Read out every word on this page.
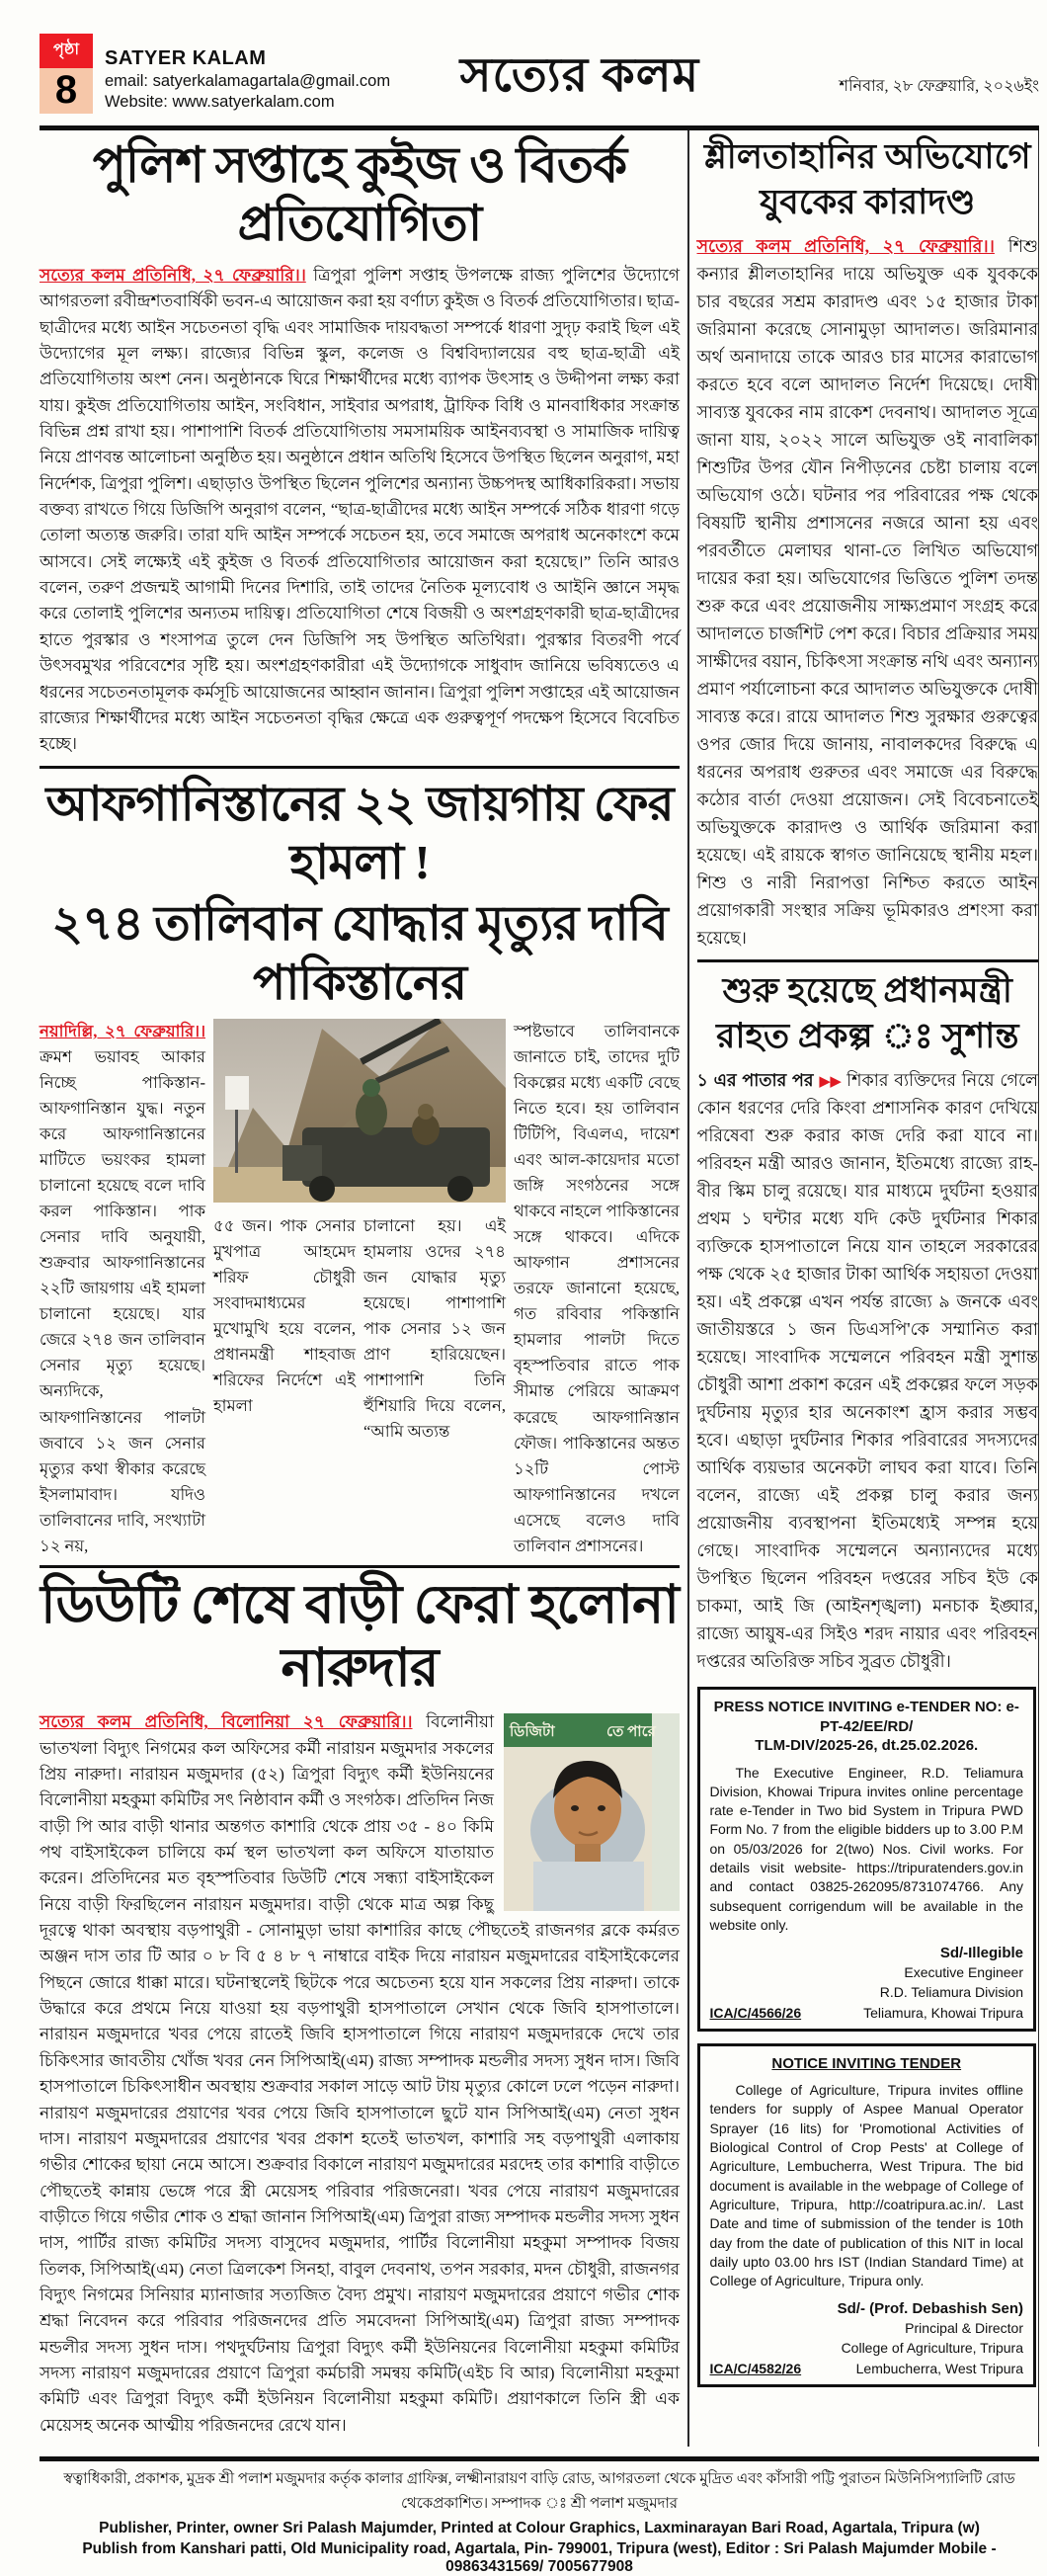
পৃষ্ঠা
8
SATYER KALAM
email: satyerkalamagartala@gmail.com
Website: www.satyerkalam.com	সত্যের কলম	শনিবার, ২৮ ফেব্রুয়ারি, ২০২৬ইং
পুলিশ সপ্তাহে কুইজ ও বিতর্ক প্রতিযোগিতা

সত্যের কলম প্রতিনিধি, ২৭ ফেব্রুয়ারি।। ত্রিপুরা পুলিশ সপ্তাহ উপলক্ষে রাজ্য পুলিশের উদ্যোগে আগরতলা রবীন্দ্রশতবার্ষিকী ভবন-এ আয়োজন করা হয় বর্ণাঢ্য কুইজ ও বিতর্ক প্রতিযোগিতার। ছাত্র-ছাত্রীদের মধ্যে আইন সচেতনতা বৃদ্ধি এবং সামাজিক দায়বদ্ধতা সম্পর্কে ধারণা সুদৃঢ় করাই ছিল এই উদ্যোগের মূল লক্ষ্য। রাজ্যের বিভিন্ন স্কুল, কলেজ ও বিশ্ববিদ্যালয়ের বহু ছাত্র-ছাত্রী এই প্রতিযোগিতায় অংশ নেন। অনুষ্ঠানকে ঘিরে শিক্ষার্থীদের মধ্যে ব্যাপক উৎসাহ ও উদ্দীপনা লক্ষ্য করা যায়। কুইজ প্রতিযোগিতায় আইন, সংবিধান, সাইবার অপরাধ, ট্রাফিক বিধি ও মানবাধিকার সংক্রান্ত বিভিন্ন প্রশ্ন রাখা হয়। পাশাপাশি বিতর্ক প্রতিযোগিতায় সমসাময়িক আইনব্যবস্থা ও সামাজিক দায়িত্ব নিয়ে প্রাণবন্ত আলোচনা অনুষ্ঠিত হয়। অনুষ্ঠানে প্রধান অতিথি হিসেবে উপস্থিত ছিলেন অনুরাগ, মহা নির্দেশক, ত্রিপুরা পুলিশ। এছাড়াও উপস্থিত ছিলেন পুলিশের অন্যান্য উচ্চপদস্থ আধিকারিকরা। সভায় বক্তব্য রাখতে গিয়ে ডিজিপি অনুরাগ বলেন, “ছাত্র-ছাত্রীদের মধ্যে আইন সম্পর্কে সঠিক ধারণা গড়ে তোলা অত্যন্ত জরুরি। তারা যদি আইন সম্পর্কে সচেতন হয়, তবে সমাজে অপরাধ অনেকাংশে কমে আসবে। সেই লক্ষ্যেই এই কুইজ ও বিতর্ক প্রতিযোগিতার আয়োজন করা হয়েছে।” তিনি আরও বলেন, তরুণ প্রজন্মই আগামী দিনের দিশারি, তাই তাদের নৈতিক মূল্যবোধ ও আইনি জ্ঞানে সমৃদ্ধ করে তোলাই পুলিশের অন্যতম দায়িত্ব। প্রতিযোগিতা শেষে বিজয়ী ও অংশগ্রহণকারী ছাত্র-ছাত্রীদের হাতে পুরস্কার ও শংসাপত্র তুলে দেন ডিজিপি সহ উপস্থিত অতিথিরা। পুরস্কার বিতরণী পর্বে উৎসবমুখর পরিবেশের সৃষ্টি হয়। অংশগ্রহণকারীরা এই উদ্যোগকে সাধুবাদ জানিয়ে ভবিষ্যতেও এ ধরনের সচেতনতামূলক কর্মসূচি আয়োজনের আহ্বান জানান। ত্রিপুরা পুলিশ সপ্তাহের এই আয়োজন রাজ্যের শিক্ষার্থীদের মধ্যে আইন সচেতনতা বৃদ্ধির ক্ষেত্রে এক গুরুত্বপূর্ণ পদক্ষেপ হিসেবে বিবেচিত হচ্ছে।

আফগানিস্তানের ২২ জায়গায় ফের হামলা !
২৭৪ তালিবান যোদ্ধার মৃত্যুর দাবি পাকিস্তানের
নয়াদিল্লি, ২৭ ফেব্রুয়ারি।। ক্রমশ ভয়াবহ আকার নিচ্ছে পাকিস্তান-আফগানিস্তান যুদ্ধ। নতুন করে আফগানিস্তানের মাটিতে ভয়ংকর হামলা চালানো হয়েছে বলে দাবি করল পাকিস্তান। পাক সেনার দাবি অনুযায়ী, শুক্রবার আফগানিস্তানের ২২টি জায়গায় এই হামলা চালানো হয়েছে। যার জেরে ২৭৪ জন তালিবান সেনার মৃত্যু হয়েছে। অন্যদিকে, আফগানিস্তানের পালটা জবাবে ১২ জন সেনার মৃত্যুর কথা স্বীকার করেছে ইসলামাবাদ। যদিও তালিবানের দাবি, সংখ্যাটা ১২ নয়,
৫৫ জন। পাক সেনার মুখপাত্র আহমেদ শরিফ চৌধুরী সংবাদমাধ্যমের মুখোমুখি হয়ে বলেন, প্রধানমন্ত্রী শাহবাজ শরিফের নির্দেশে এই হামলা
চালানো হয়। এই হামলায় ওদের ২৭৪ জন যোদ্ধার মৃত্যু হয়েছে। পাশাপাশি পাক সেনার ১২ জন প্রাণ হারিয়েছেন। পাশাপাশি তিনি হুঁশিয়ারি দিয়ে বলেন, “আমি অত্যন্ত
স্পষ্টভাবে তালিবানকে জানাতে চাই, তাদের দুটি বিকল্পের মধ্যে একটি বেছে নিতে হবে। হয় তালিবান টিটিপি, বিএলএ, দায়েশ এবং আল-কায়েদার মতো জঙ্গি সংগঠনের সঙ্গে থাকবে নাহলে পাকিস্তানের সঙ্গে থাকবে। এদিকে আফগান প্রশাসনের তরফে জানানো হয়েছে, গত রবিবার পকিস্তানি হামলার পালটা দিতে বৃহস্পতিবার রাতে পাক সীমান্ত পেরিয়ে আক্রমণ করেছে আফগানিস্তান ফৌজ। পাকিস্তানের অন্তত ১২টি পোস্ট আফগানিস্তানের দখলে এসেছে বলেও দাবি তালিবান প্রশাসনের।
ডিউটি শেষে বাড়ী ফেরা হলোনা নারুদার
ডিজিটা	তে পারে

সত্যের কলম প্রতিনিধি, বিলোনিয়া ২৭ ফেব্রুয়ারি।। বিলোনীয়া ভাতখলা বিদ্যুৎ নিগমের কল অফিসের কর্মী নারায়ন মজুমদার সকলের প্রিয় নারুদা। নারায়ন মজুমদার (৫২) ত্রিপুরা বিদ্যুৎ কর্মী ইউনিয়নের বিলোনীয়া মহকুমা কমিটির সৎ নিষ্ঠাবান কর্মী ও সংগঠক। প্রতিদিন নিজ বাড়ী পি আর বাড়ী থানার অন্তগত কাশারি থেকে প্রায় ৩৫ - ৪০ কিমি পথ বাইসাইকেল চালিয়ে কর্ম স্থল ভাতখলা কল অফিসে যাতায়াত করেন। প্রতিদিনের মত বৃহস্পতিবার ডিউটি শেষে সন্ধ্যা বাইসাইকেল নিয়ে বাড়ী ফিরছিলেন নারায়ন মজুমদার। বাড়ী থেকে মাত্র অল্প কিছু দূরত্বে থাকা অবস্থায় বড়পাথুরী - সোনামুড়া ভায়া কাশারির কাছে পৌছতেই রাজনগর ব্লকে কর্মরত অঞ্জন দাস তার টি আর ০ ৮ বি ৫ ৪ ৮ ৭ নাম্বারে বাইক দিয়ে নারায়ন মজুমদারের বাইসাইকেলের পিছনে জোরে ধাক্কা মারে। ঘটনাস্থলেই ছিটকে পরে অচেতন্য হয়ে যান সকলের প্রিয় নারুদা। তাকে উদ্ধারে করে প্রথমে নিয়ে যাওয়া হয় বড়পাথুরী হাসপাতালে সেখান থেকে জিবি হাসপাতালে। নারায়ন মজুমদারে খবর পেয়ে রাতেই জিবি হাসপাতালে গিয়ে নারায়ণ মজুমদারকে দেখে তার চিকিৎসার জাবতীয় খোঁজ খবর নেন সিপিআই(এম) রাজ্য সম্পাদক মন্ডলীর সদস্য সুধন দাস। জিবি হাসপাতালে চিকিৎসাধীন অবস্থায় শুক্রবার সকাল সাড়ে আট টায় মৃত্যুর কোলে ঢলে পড়েন নারুদা। নারায়ণ মজুমদারের প্রয়াণের খবর পেয়ে জিবি হাসপাতালে ছুটে যান সিপিআই(এম) নেতা সুধন দাস। নারায়ণ মজুমদারের প্রয়াণের খবর প্রকাশ হতেই ভাতখল, কাশারি সহ বড়পাথুরী এলাকায় গভীর শোকের ছায়া নেমে আসে। শুক্রবার বিকালে নারায়ণ মজুমদারের মরদেহ তার কাশারি বাড়ীতে পৌছতেই কান্নায় ভেঙ্গে পরে স্ত্রী মেয়েসহ পরিবার পরিজনেরা। খবর পেয়ে নারায়ণ মজুমদারের বাড়ীতে গিয়ে গভীর শোক ও শ্রদ্ধা জানান সিপিআই(এম) ত্রিপুরা রাজ্য সম্পাদক মন্ডলীর সদস্য সুধন দাস, পার্টির রাজ্য কমিটির সদস্য বাসুদেব মজুমদার, পার্টির বিলোনীয়া মহকুমা সম্পাদক বিজয় তিলক, সিপিআই(এম) নেতা ত্রিলকেশ সিনহা, বাবুল দেবনাথ, তপন সরকার, মদন চৌধুরী, রাজনগর বিদ্যুৎ নিগমের সিনিয়ার ম্যানাজার সত্যজিত বৈদ্য প্রমুখ। নারায়ণ মজুমদারের প্রয়াণে গভীর শোক শ্রদ্ধা নিবেদন করে পরিবার পরিজনদের প্রতি সমবেদনা সিপিআই(এম) ত্রিপুরা রাজ্য সম্পাদক মন্ডলীর সদস্য সুধন দাস। পথদুর্ঘটনায় ত্রিপুরা বিদ্যুৎ কর্মী ইউনিয়নের বিলোনীয়া মহকুমা কমিটির সদস্য নারায়ণ মজুমদারের প্রয়াণে ত্রিপুরা কর্মচারী সমন্বয় কমিটি(এইচ বি আর) বিলোনীয়া মহকুমা কমিটি এবং ত্রিপুরা বিদ্যুৎ কর্মী ইউনিয়ন বিলোনীয়া মহকুমা কমিটি। প্রয়াণকালে তিনি স্ত্রী এক মেয়েসহ অনেক আত্মীয় পরিজনদের রেখে যান।

শ্লীলতাহানির অভিযোগে
যুবকের কারাদণ্ড

সত্যের কলম প্রতিনিধি, ২৭ ফেব্রুয়ারি।। শিশু কন্যার শ্লীলতাহানির দায়ে অভিযুক্ত এক যুবককে চার বছরের সশ্রম কারাদণ্ড এবং ১৫ হাজার টাকা জরিমানা করেছে সোনামুড়া আদালত। জরিমানার অর্থ অনাদায়ে তাকে আরও চার মাসের কারাভোগ করতে হবে বলে আদালত নির্দেশ দিয়েছে। দোষী সাব্যস্ত যুবকের নাম রাকেশ দেবনাথ। আদালত সূত্রে জানা যায়, ২০২২ সালে অভিযুক্ত ওই নাবালিকা শিশুটির উপর যৌন নিপীড়নের চেষ্টা চালায় বলে অভিযোগ ওঠে। ঘটনার পর পরিবারের পক্ষ থেকে বিষয়টি স্থানীয় প্রশাসনের নজরে আনা হয় এবং পরবর্তীতে মেলাঘর থানা-তে লিখিত অভিযোগ দায়ের করা হয়। অভিযোগের ভিত্তিতে পুলিশ তদন্ত শুরু করে এবং প্রয়োজনীয় সাক্ষ্যপ্রমাণ সংগ্রহ করে আদালতে চার্জশিট পেশ করে। বিচার প্রক্রিয়ার সময় সাক্ষীদের বয়ান, চিকিৎসা সংক্রান্ত নথি এবং অন্যান্য প্রমাণ পর্যালোচনা করে আদালত অভিযুক্তকে দোষী সাব্যস্ত করে। রায়ে আদালত শিশু সুরক্ষার গুরুত্বের ওপর জোর দিয়ে জানায়, নাবালকদের বিরুদ্ধে এ ধরনের অপরাধ গুরুতর এবং সমাজে এর বিরুদ্ধে কঠোর বার্তা দেওয়া প্রয়োজন। সেই বিবেচনাতেই অভিযুক্তকে কারাদণ্ড ও আর্থিক জরিমানা করা হয়েছে। এই রায়কে স্বাগত জানিয়েছে স্থানীয় মহল। শিশু ও নারী নিরাপত্তা নিশ্চিত করতে আইন প্রয়োগকারী সংস্থার সক্রিয় ভূমিকারও প্রশংসা করা হয়েছে।

শুরু হয়েছে প্রধানমন্ত্রী
রাহত প্রকল্প ঃ সুশান্ত

১ এর পাতার পর ▶▶ শিকার ব্যক্তিদের নিয়ে গেলে কোন ধরণের দেরি কিংবা প্রশাসনিক কারণ দেখিয়ে পরিষেবা শুরু করার কাজ দেরি করা যাবে না। পরিবহন মন্ত্রী আরও জানান, ইতিমধ্যে রাজ্যে রাহ-বীর স্কিম চালু রয়েছে। যার মাধ্যমে দুর্ঘটনা হওয়ার প্রথম ১ ঘন্টার মধ্যে যদি কেউ দুর্ঘটনার শিকার ব্যক্তিকে হাসপাতালে নিয়ে যান তাহলে সরকারের পক্ষ থেকে ২৫ হাজার টাকা আর্থিক সহায়তা দেওয়া হয়। এই প্রকল্পে এখন পর্যন্ত রাজ্যে ৯ জনকে এবং জাতীয়স্তরে ১ জন ডিএসপি'কে সম্মানিত করা হয়েছে। সাংবাদিক সম্মেলনে পরিবহন মন্ত্রী সুশান্ত চৌধুরী আশা প্রকাশ করেন এই প্রকল্পের ফলে সড়ক দুর্ঘটনায় মৃত্যুর হার অনেকাংশ হ্রাস করার সম্ভব হবে। এছাড়া দুর্ঘটনার শিকার পরিবারের সদস্যদের আর্থিক ব্যয়ভার অনেকটা লাঘব করা যাবে। তিনি বলেন, রাজ্যে এই প্রকল্প চালু করার জন্য প্রয়োজনীয় ব্যবস্থাপনা ইতিমধ্যেই সম্পন্ন হয়ে গেছে। সাংবাদিক সম্মেলনে অন্যান্যদের মধ্যে উপস্থিত ছিলেন পরিবহন দপ্তরের সচিব ইউ কে চাকমা, আই জি (আইনশৃঙ্খলা) মনচাক ইঙ্ঘার, রাজ্যে আয়ুষ-এর সিইও শরদ নায়ার এবং পরিবহন দপ্তরের অতিরিক্ত সচিব সুব্রত চৌধুরী।

PRESS NOTICE INVITING e-TENDER NO: e-PT-42/EE/RD/
TLM-DIV/2025-26, dt.25.02.2026.
The Executive Engineer, R.D. Teliamura Division, Khowai Tripura invites online percentage rate e-Tender in Two bid System in Tripura PWD Form No. 7 from the eligible bidders up to 3.00 P.M on 05/03/2026 for 2(two) Nos. Civil works. For details visit website- https://tripuratenders.gov.in and contact 03825-262095/8731074766. Any subsequent corrigendum will be available in the website only.
Sd/-Illegible
Executive Engineer
R.D. Teliamura Division
ICA/C/4566/26	Teliamura, Khowai Tripura
NOTICE INVITING TENDER
College of Agriculture, Tripura invites offline tenders for supply of Aspee Manual Operator Sprayer (16 lits) for 'Promotional Activities of Biological Control of Crop Pests' at College of Agriculture, Lembucherra, West Tripura. The bid document is available in the webpage of College of Agriculture, Tripura, http://coatripura.ac.in/. Last Date and time of submission of the tender is 10th day from the date of publication of this NIT in local daily upto 03.00 hrs IST (Indian Standard Time) at College of Agriculture, Tripura only.
Sd/- (Prof. Debashish Sen)
Principal & Director
College of Agriculture, Tripura
ICA/C/4582/26	Lembucherra, West Tripura
স্বত্বাধিকারী, প্রকাশক, মুদ্রক শ্রী পলাশ মজুমদার কর্তৃক কালার গ্রাফিক্স, লক্ষ্মীনারায়ণ বাড়ি রোড, আগরতলা থেকে মুদ্রিত এবং কাঁসারী পট্টি পুরাতন মিউনিসিপ্যালিটি রোড থেকেপ্রকাশিত। সম্পাদক ঃ শ্রী পলাশ মজুমদার
Publisher, Printer, owner Sri Palash Majumder, Printed at Colour Graphics, Laxminarayan Bari Road, Agartala, Tripura (w)
Publish from Kanshari patti, Old Municipality road, Agartala, Pin- 799001, Tripura (west), Editor : Sri Palash Majumder Mobile - 09863431569/ 7005677908
